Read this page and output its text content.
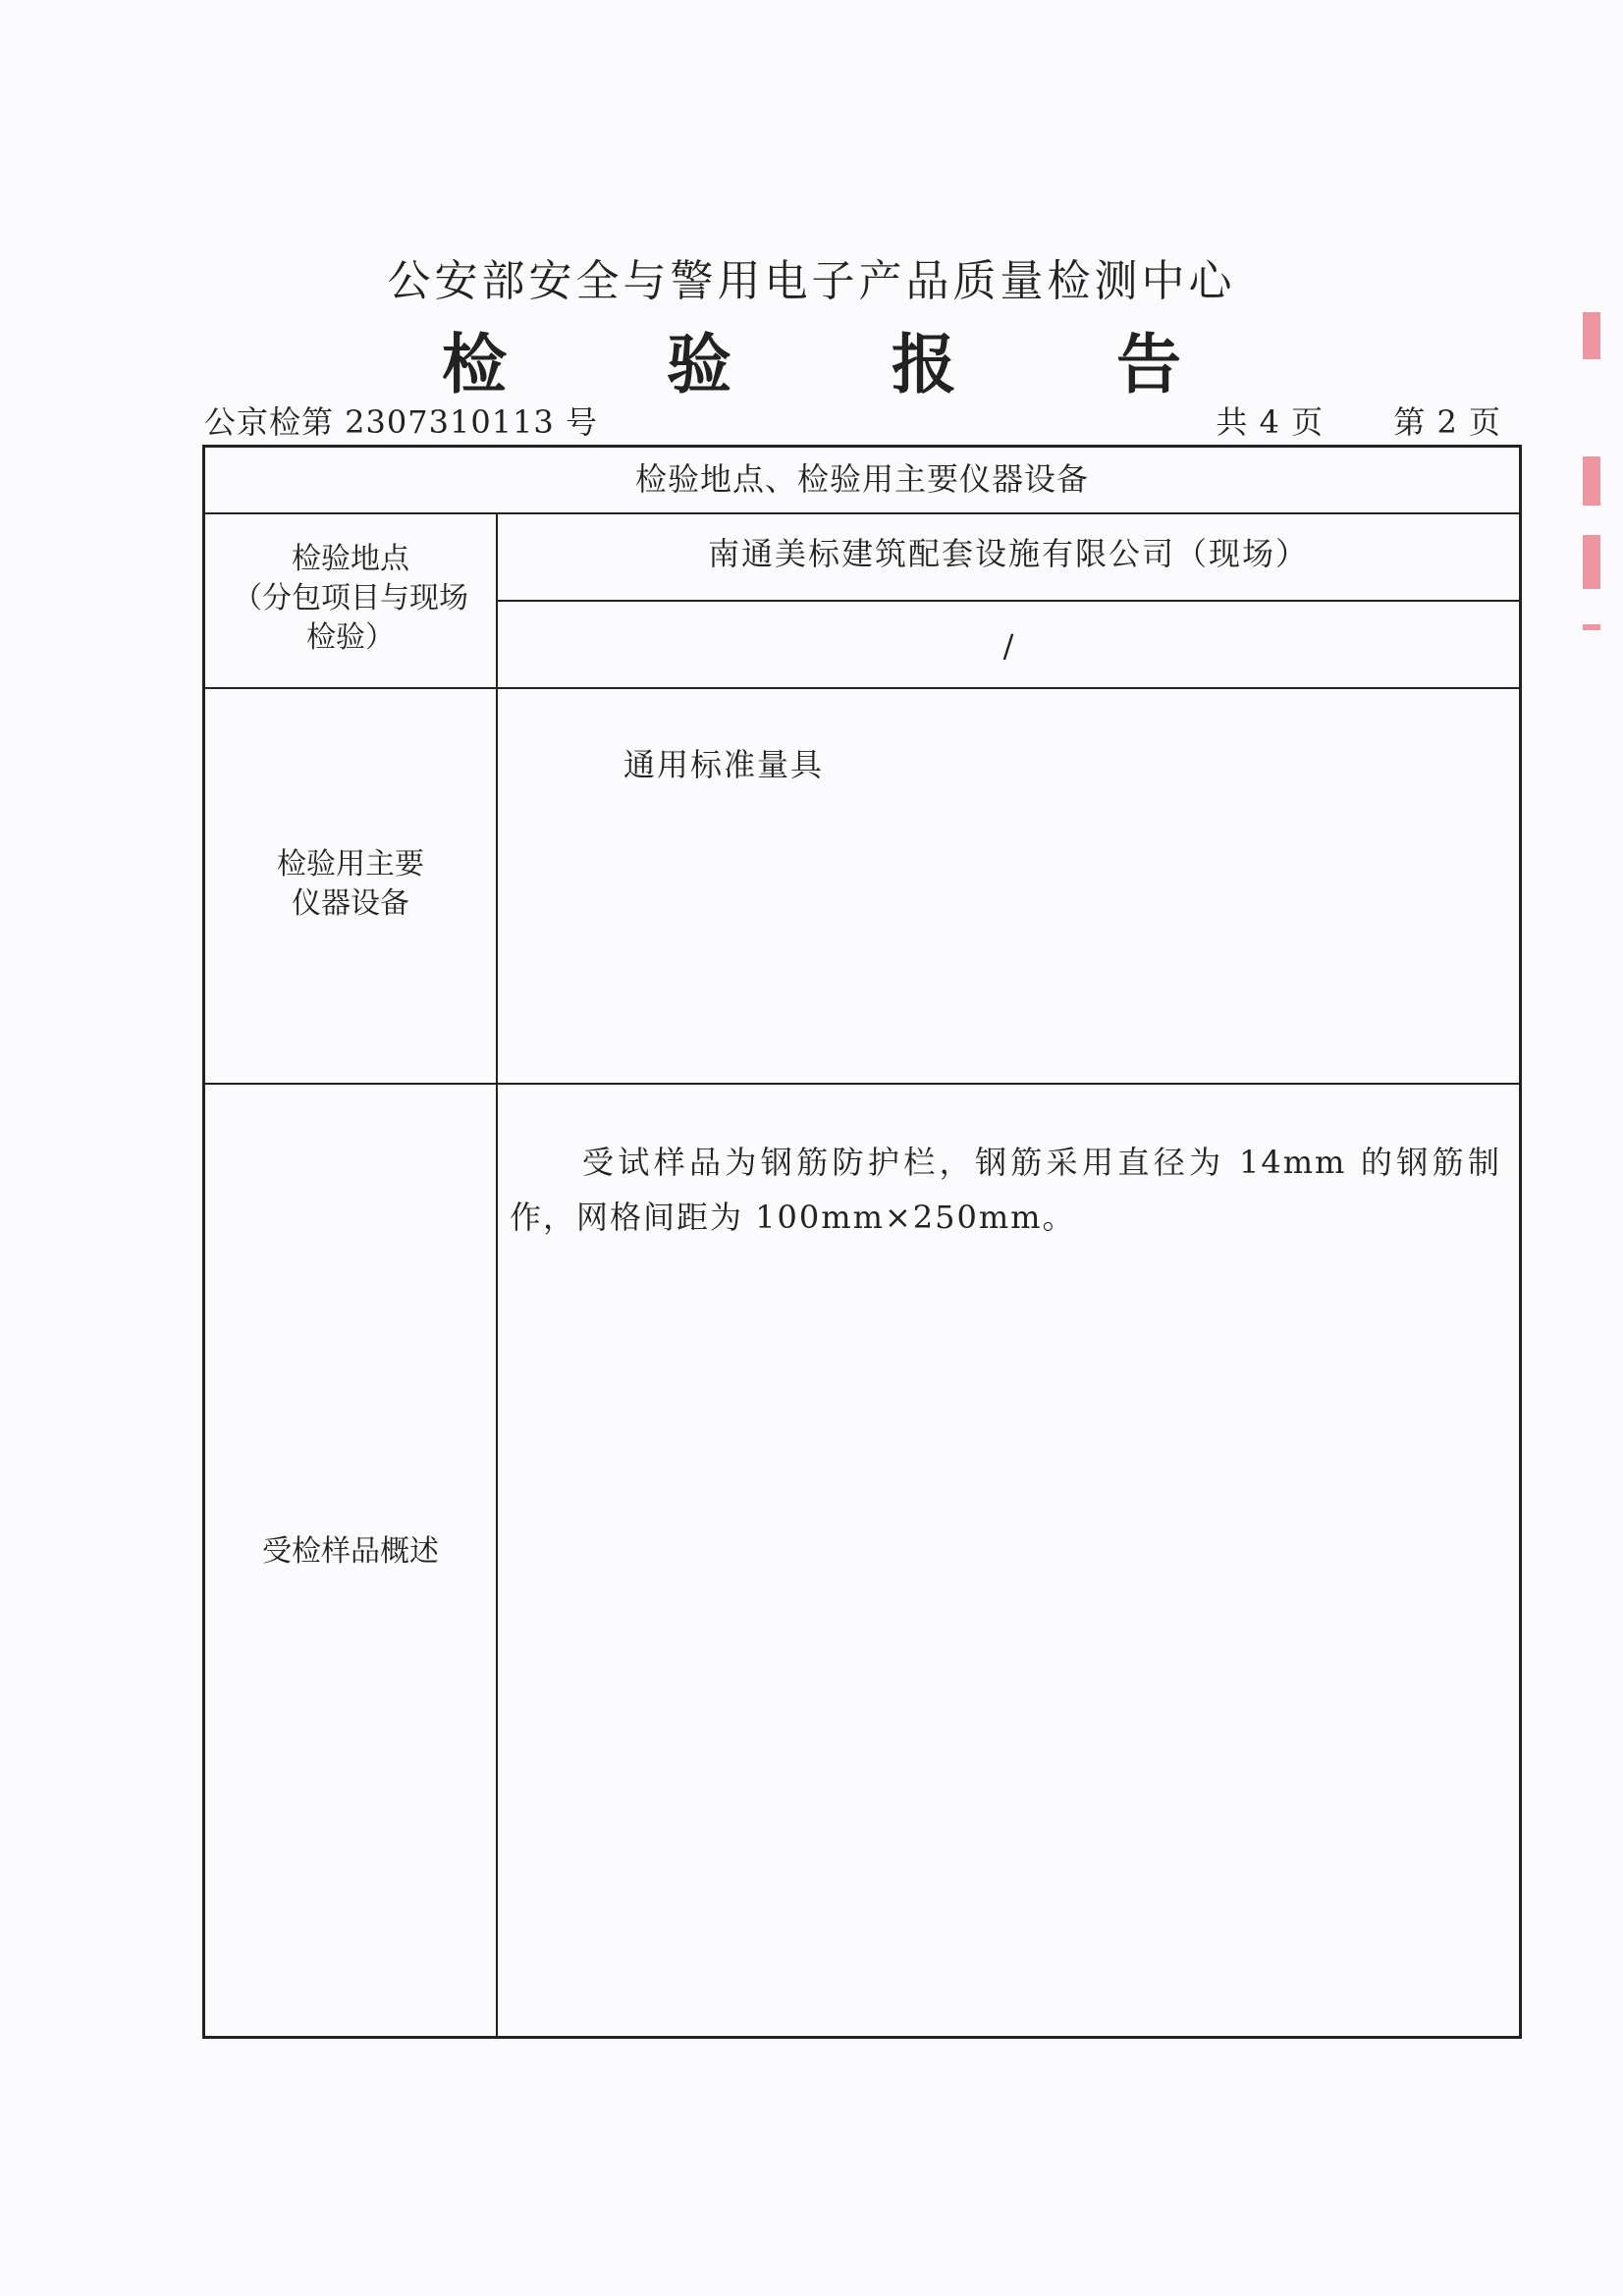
公安部安全与警用电子产品质量检测中心
检 验 报 告
公京检第 2307310113 号	共 4 页 第 2 页
检验地点、检验用主要仪器设备
检验地点
（分包项目与现场
检验）
南通美标建筑配套设施有限公司（现场）
/
检验用主要
仪器设备
通用标准量具
受检样品概述
受试样品为钢筋防护栏，钢筋采用直径为 14mm 的钢筋制作，网格间距为 100mm×250mm。
